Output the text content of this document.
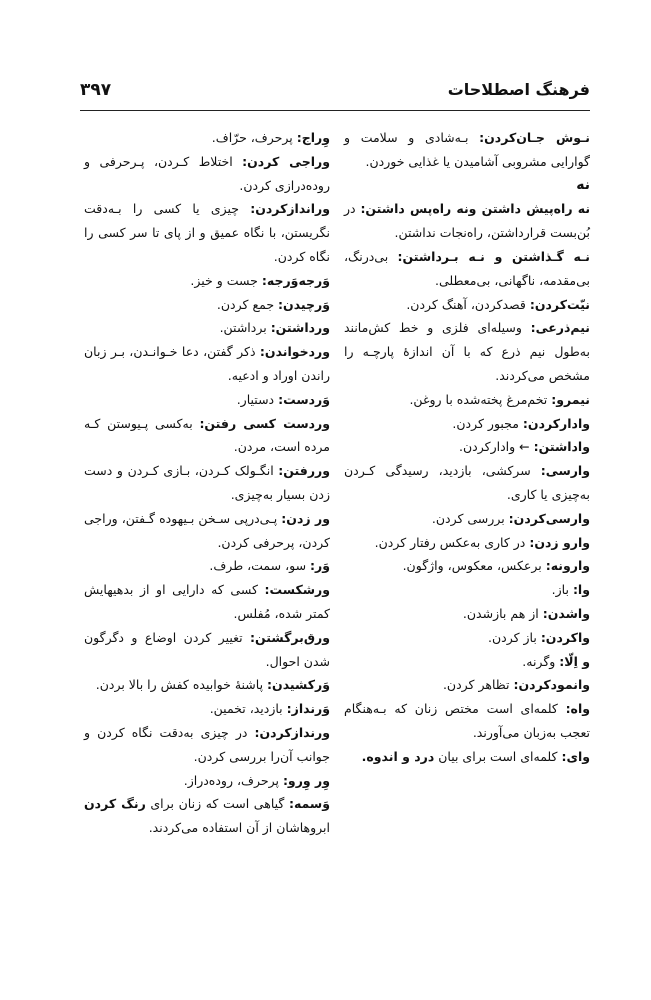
فرهنگ اصطلاحات
۳۹۷

نـوش جـان‌کردن: بـه‌شادی و سلامت و گوارایی مشروبی آشامیدن یا غذایی خوردن.

نه

نه راه‌پیش داشتن ونه راه‌پس داشتن: در بُن‌بست قرارداشتن، راه‌نجات نداشتن.

نـه گـذاشتن و نـه بـرداشتن: بی‌درنگ، بی‌مقدمه، ناگهانی، بی‌معطلی.

نیّت‌کردن: قصدکردن، آهنگ کردن.

نیم‌ذرعی: وسیله‌ای فلزی و خط کش‌مانند به‌طول نیم ذرع که با آن اندازهٔ پارچـه را مشخص می‌کردند.

نیمرو: تخم‌مرغ پخته‌شده با روغن.

وادارکردن: مجبور کردن.

واداشتن: ← وادارکردن.

وارسی: سرکشی، بازدید، رسیدگی کـردن به‌چیزی یا کاری.

وارسی‌کردن: بررسی کردن.

وارو زدن: در کاری به‌عکس رفتار کردن.

وارونه: برعکس، معکوس، واژگون.

وا: باز.

واشدن: از هم بازشدن.

واکردن: باز کردن.

و اِلّا: وگرنه.

وانمودکردن: تظاهر کردن.

واه: کلمه‌ای است مختص زنان که بـه‌هنگام تعجب به‌زبان می‌آورند.

وای: کلمه‌ای است برای بیان درد و اندوه.

وِراج: پرحرف، حرّاف.

وراجی کردن: اختلاط کـردن، پـرحرفی و روده‌درازی کردن.

وراندازکردن: چیزی یا کسی را بـه‌دقت نگریستن، با نگاه عمیق و از پای تا سر کسی را نگاه کردن.

وَرجه‌وَرجه: جست و خیز.

وَرچیدن: جمع کردن.

ورداشتن: برداشتن.

وردخواندن: ذکر گفتن، دعا خـوانـدن، بـر زبان راندن اوراد و ادعیه.

وَردست: دستیار.

وردست کسی رفتن: به‌کسی پـیوستن کـه مرده است، مردن.

وررفتن: انگـولک کـردن، بـازی کـردن و دست زدن بسیار به‌چیزی.

ور زدن: پـی‌درپی سـخن بـیهوده گـفتن، وراجی کردن، پرحرفی کردن.

وَر: سو، سمت، طرف.

ورشکست: کسی که دارایی او از بدهیهایش کمتر شده، مُفلس.

ورق‌برگشتن: تغییر کردن اوضاع و دگرگون شدن احوال.

وَرکشیدن: پاشنهٔ خوابیده کفش را بالا بردن.

وَرنداز: بازدید، تخمین.

ورندازکردن: در چیزی به‌دقت نگاه کردن و جوانب آن‌را بررسی کردن.

وِر وِرو: پرحرف، روده‌دراز.

وَسمه: گیاهی است که زنان برای رنگ کردن ابروهاشان از آن استفاده می‌کردند.
